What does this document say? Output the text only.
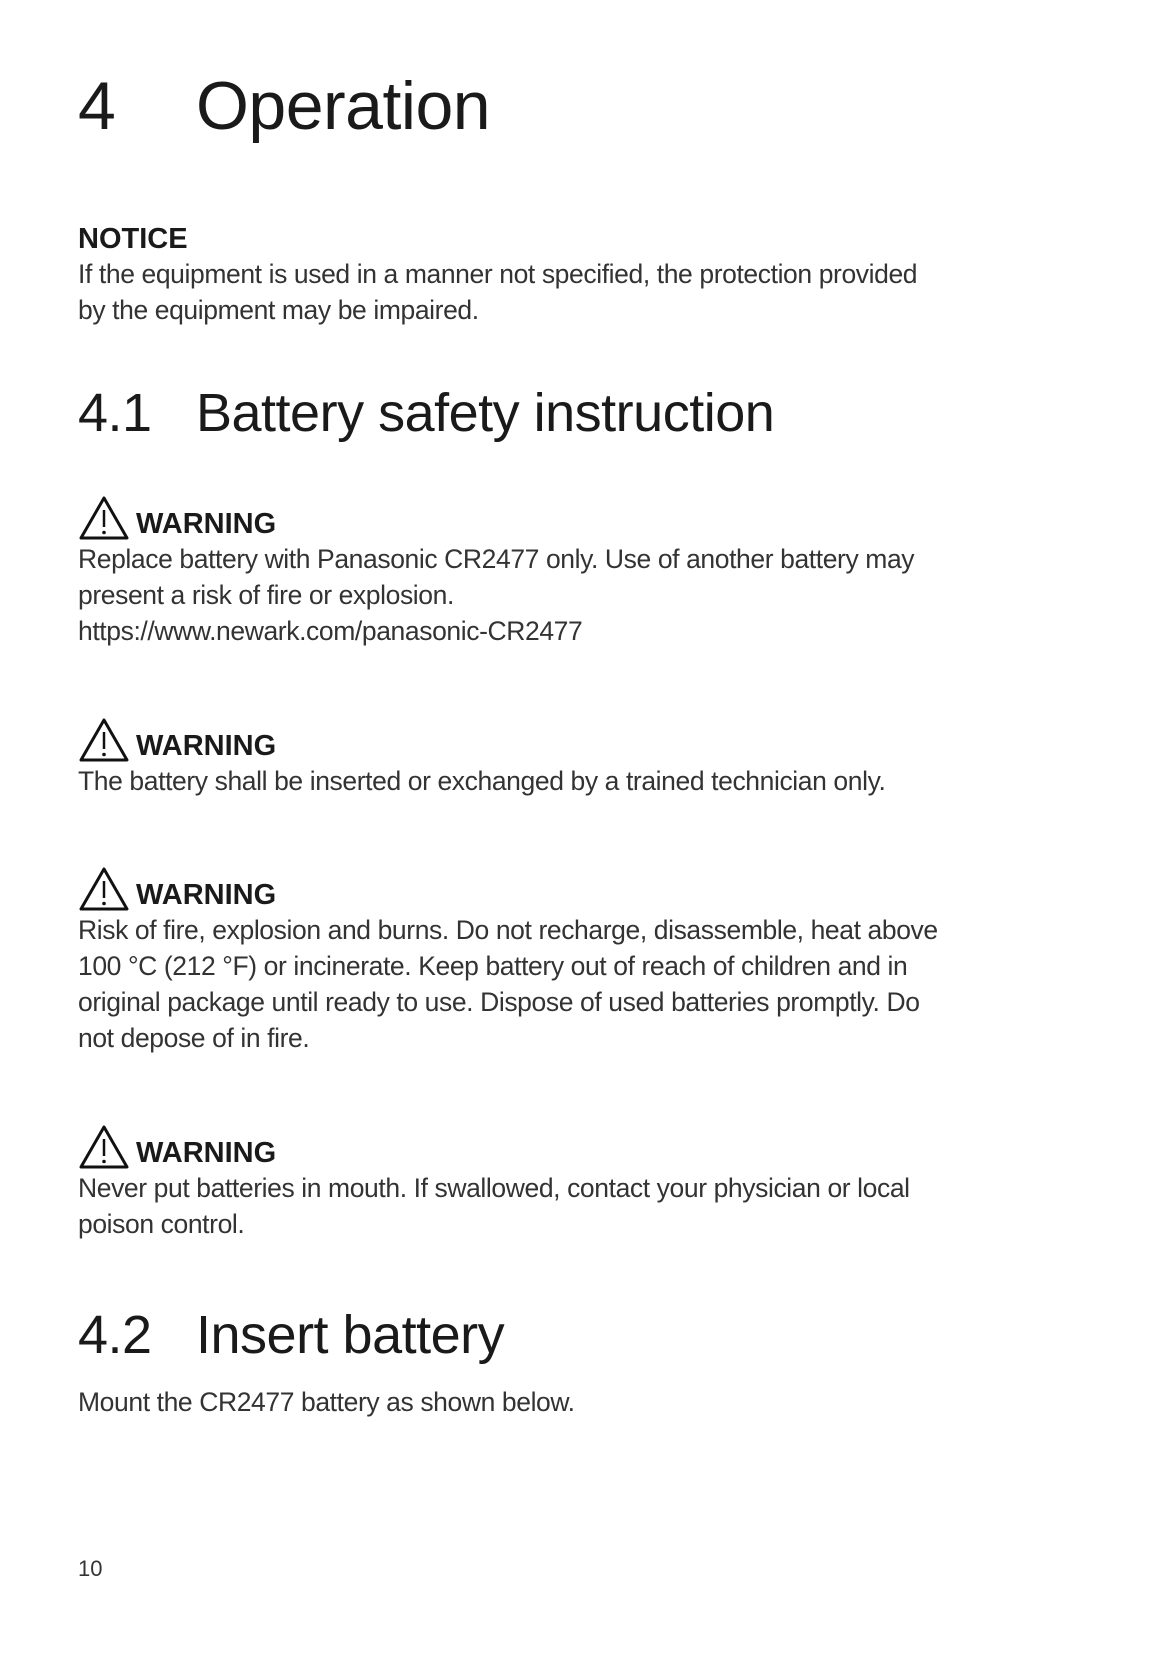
4	Operation
NOTICE
If the equipment is used in a manner not specified, the protection provided
by the equipment may be impaired.
4.1 Battery safety instruction
WARNING
Replace battery with Panasonic CR2477 only. Use of another battery may
present a risk of fire or explosion.
https://www.newark.com/panasonic-CR2477
WARNING
The battery shall be inserted or exchanged by a trained technician only.
WARNING
Risk of fire, explosion and burns. Do not recharge, disassemble, heat above
100 °C (212 °F) or incinerate. Keep battery out of reach of children and in
original package until ready to use. Dispose of used batteries promptly. Do
not depose of in fire.
WARNING
Never put batteries in mouth. If swallowed, contact your physician or local
poison control.
4.2 Insert battery
Mount the CR2477 battery as shown below.
10
